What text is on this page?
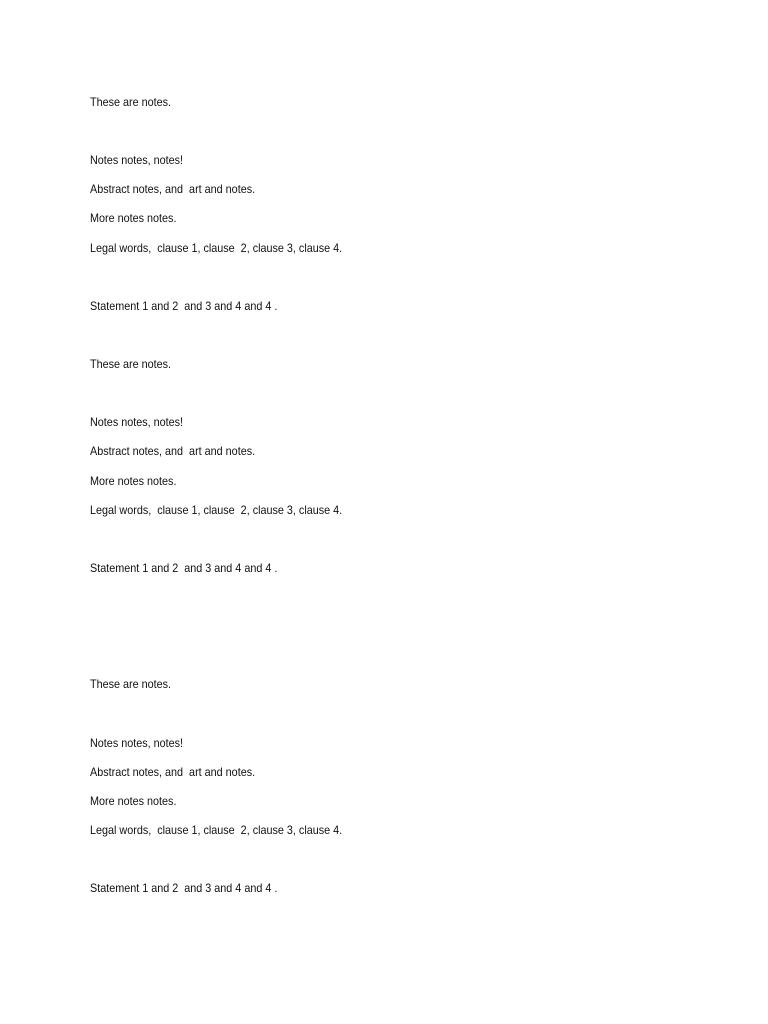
These are notes.

Notes notes, notes!

Abstract notes, and  art and notes.

More notes notes.

Legal words,  clause 1, clause  2, clause 3, clause 4.

Statement 1 and 2  and 3 and 4 and 4 .

These are notes.

Notes notes, notes!

Abstract notes, and  art and notes.

More notes notes.

Legal words,  clause 1, clause  2, clause 3, clause 4.

Statement 1 and 2  and 3 and 4 and 4 .

These are notes.

Notes notes, notes!

Abstract notes, and  art and notes.

More notes notes.

Legal words,  clause 1, clause  2, clause 3, clause 4.

Statement 1 and 2  and 3 and 4 and 4 .
